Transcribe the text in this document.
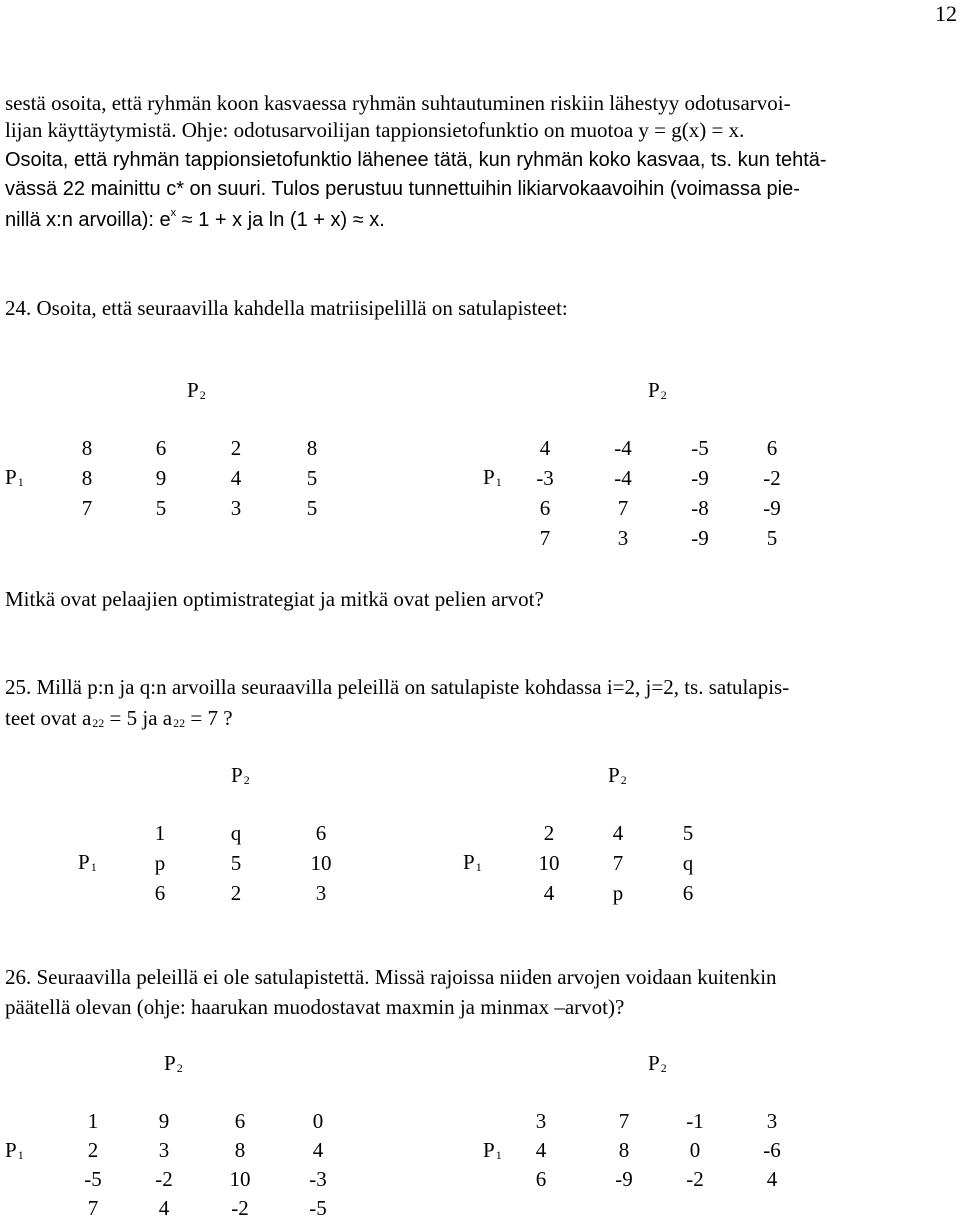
12
sestä osoita, että ryhmän koon kasvaessa ryhmän suhtautuminen riskiin lähestyy odotusarvoi-
lijan käyttäytymistä. Ohje: odotusarvoilijan tappionsietofunktio on muotoa y = g(x) = x.
Osoita, että ryhmän tappionsietofunktio lähenee tätä, kun ryhmän koko kasvaa, ts. kun tehtä-
vässä 22 mainittu c* on suuri. Tulos perustuu tunnettuihin likiarvokaavoihin (voimassa pie-
nillä x:n arvoilla): $e^x \approx 1 + x$ ja ln (1 + x) ≈ x.
24. Osoita, että seuraavilla kahdella matriisipelillä on satulapisteet:
P2	P2
P1	P1
8	6	2	8
8	9	4	5
7	5	3	5
4	-4	-5	6
-3	-4	-9	-2
6	7	-8	-9
7	3	-9	5
Mitkä ovat pelaajien optimistrategiat ja mitkä ovat pelien arvot?
25. Millä p:n ja q:n arvoilla seuraavilla peleillä on satulapiste kohdassa i=2, j=2, ts. satulapis-
teet ovat a22 = 5 ja a22 = 7 ?
P2	P2
P1	P1
1	q	6
p	5	10
6	2	3
2	4	5
10	7	q
4	p	6
26. Seuraavilla peleillä ei ole satulapistettä. Missä rajoissa niiden arvojen voidaan kuitenkin
päätellä olevan (ohje: haarukan muodostavat maxmin ja minmax –arvot)?
P2	P2
P1	P1
1	9	6	0
2	3	8	4
-5	-2	10	-3
7	4	-2	-5
3	7	-1	3
4	8	0	-6
6	-9	-2	4
